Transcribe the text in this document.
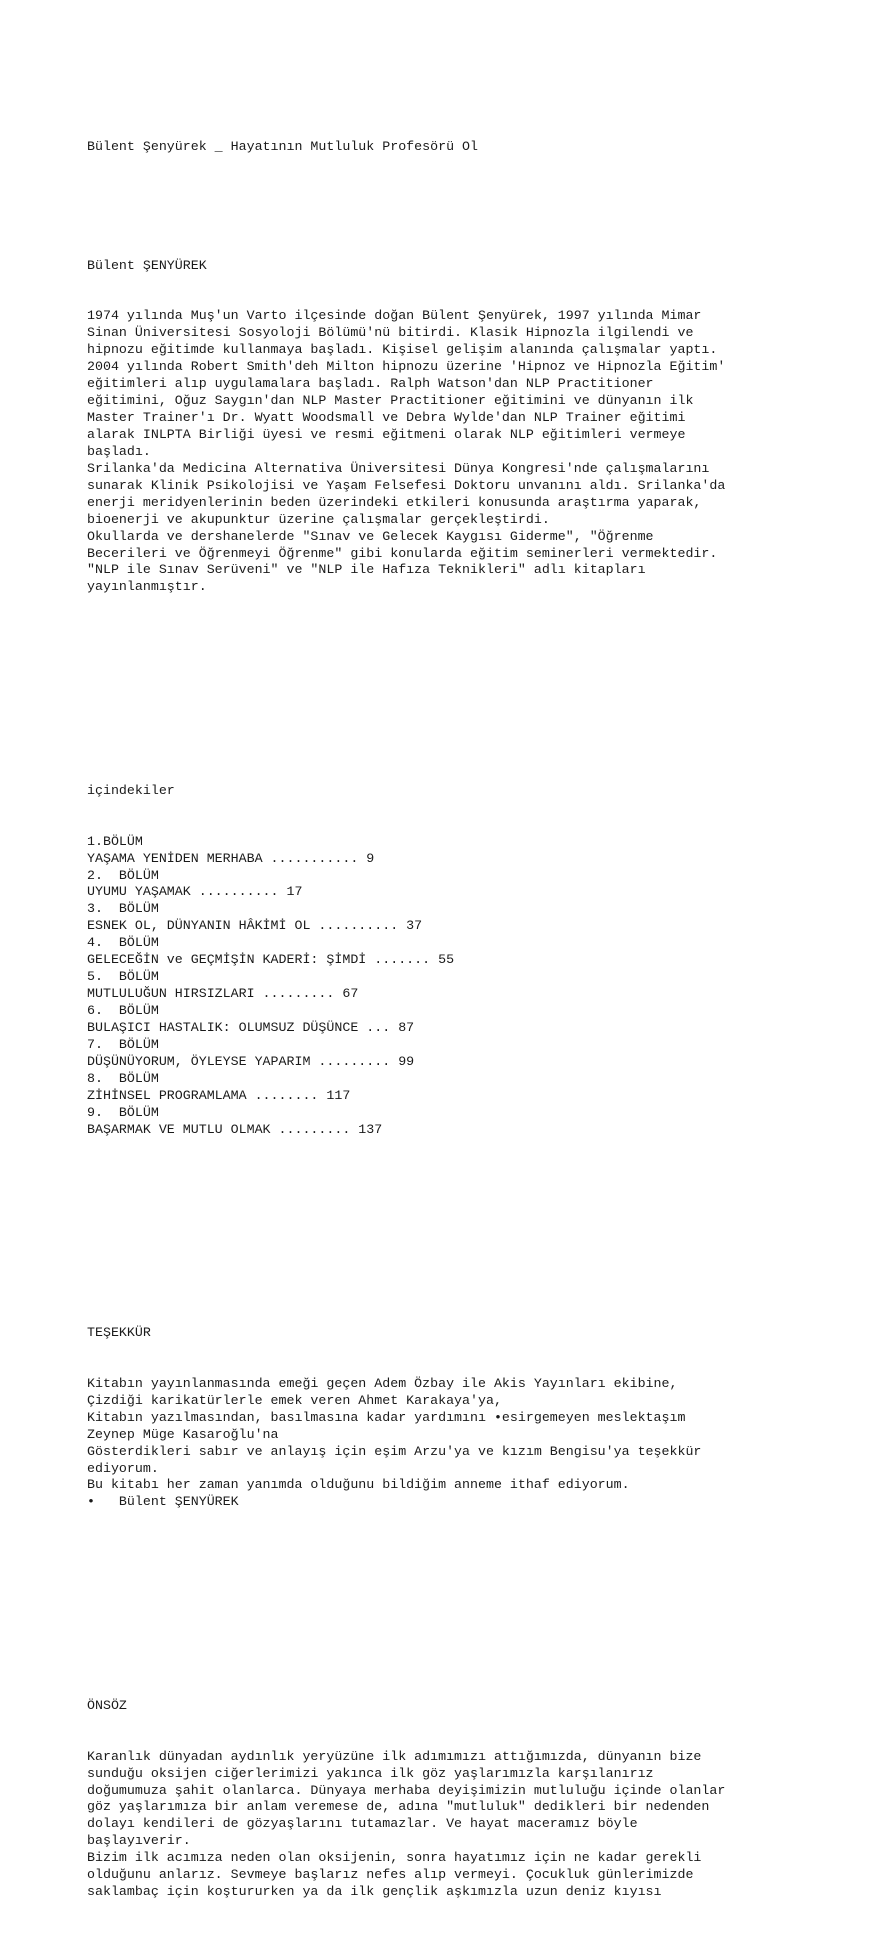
Bülent Şenyürek _ Hayatının Mutluluk Profesörü Ol

Bülent ŞENYÜREK

1974 yılında Muş'un Varto ilçesinde doğan Bülent Şenyürek, 1997 yılında Mimar
Sinan Üniversitesi Sosyoloji Bölümü'nü bitirdi. Klasik Hipnozla ilgilendi ve
hipnozu eğitimde kullanmaya başladı. Kişisel gelişim alanında çalışmalar yaptı.
2004 yılında Robert Smith'deh Milton hipnozu üzerine 'Hipnoz ve Hipnozla Eğitim'
eğitimleri alıp uygulamalara başladı. Ralph Watson'dan NLP Practitioner
eğitimini, Oğuz Saygın'dan NLP Master Practitioner eğitimini ve dünyanın ilk
Master Trainer'ı Dr. Wyatt Woodsmall ve Debra Wylde'dan NLP Trainer eğitimi
alarak INLPTA Birliği üyesi ve resmi eğitmeni olarak NLP eğitimleri vermeye
başladı.
Srilanka'da Medicina Alternativa Üniversitesi Dünya Kongresi'nde çalışmalarını
sunarak Klinik Psikolojisi ve Yaşam Felsefesi Doktoru unvanını aldı. Srilanka'da
enerji meridyenlerinin beden üzerindeki etkileri konusunda araştırma yaparak,
bioenerji ve akupunktur üzerine çalışmalar gerçekleştirdi.
Okullarda ve dershanelerde "Sınav ve Gelecek Kaygısı Giderme", "Öğrenme
Becerileri ve Öğrenmeyi Öğrenme" gibi konularda eğitim seminerleri vermektedir.
"NLP ile Sınav Serüveni" ve "NLP ile Hafıza Teknikleri" adlı kitapları
yayınlanmıştır.

içindekiler

1.BÖLÜM
YAŞAMA YENİDEN MERHABA ........... 9
2.  BÖLÜM
UYUMU YAŞAMAK .......... 17
3.  BÖLÜM
ESNEK OL, DÜNYANIN HÂKİMİ OL .......... 37
4.  BÖLÜM
GELECEĞİN ve GEÇMİŞİN KADERİ: ŞİMDİ ....... 55
5.  BÖLÜM
MUTLULUĞUN HIRSIZLARI ......... 67
6.  BÖLÜM
BULAŞICI HASTALIK: OLUMSUZ DÜŞÜNCE ... 87
7.  BÖLÜM
DÜŞÜNÜYORUM, ÖYLEYSE YAPARIM ......... 99
8.  BÖLÜM
ZİHİNSEL PROGRAMLAMA ........ 117
9.  BÖLÜM
BAŞARMAK VE MUTLU OLMAK ......... 137

TEŞEKKÜR

Kitabın yayınlanmasında emeği geçen Adem Özbay ile Akis Yayınları ekibine,
Çizdiği karikatürlerle emek veren Ahmet Karakaya'ya,
Kitabın yazılmasından, basılmasına kadar yardımını •esirgemeyen meslektaşım
Zeynep Müge Kasaroğlu'na
Gösterdikleri sabır ve anlayış için eşim Arzu'ya ve kızım Bengisu'ya teşekkür
ediyorum.
Bu kitabı her zaman yanımda olduğunu bildiğim anneme ithaf ediyorum.
•   Bülent ŞENYÜREK

ÖNSÖZ

Karanlık dünyadan aydınlık yeryüzüne ilk adımımızı attığımızda, dünyanın bize
sunduğu oksijen ciğerlerimizi yakınca ilk göz yaşlarımızla karşılanırız
doğumumuza şahit olanlarca. Dünyaya merhaba deyişimizin mutluluğu içinde olanlar
göz yaşlarımıza bir anlam veremese de, adına "mutluluk" dedikleri bir nedenden
dolayı kendileri de gözyaşlarını tutamazlar. Ve hayat maceramız böyle
başlayıverir.
Bizim ilk acımıza neden olan oksijenin, sonra hayatımız için ne kadar gerekli
olduğunu anlarız. Sevmeye başlarız nefes alıp vermeyi. Çocukluk günlerimizde
saklambaç için koştururken ya da ilk gençlik aşkımızla uzun deniz kıyısı
